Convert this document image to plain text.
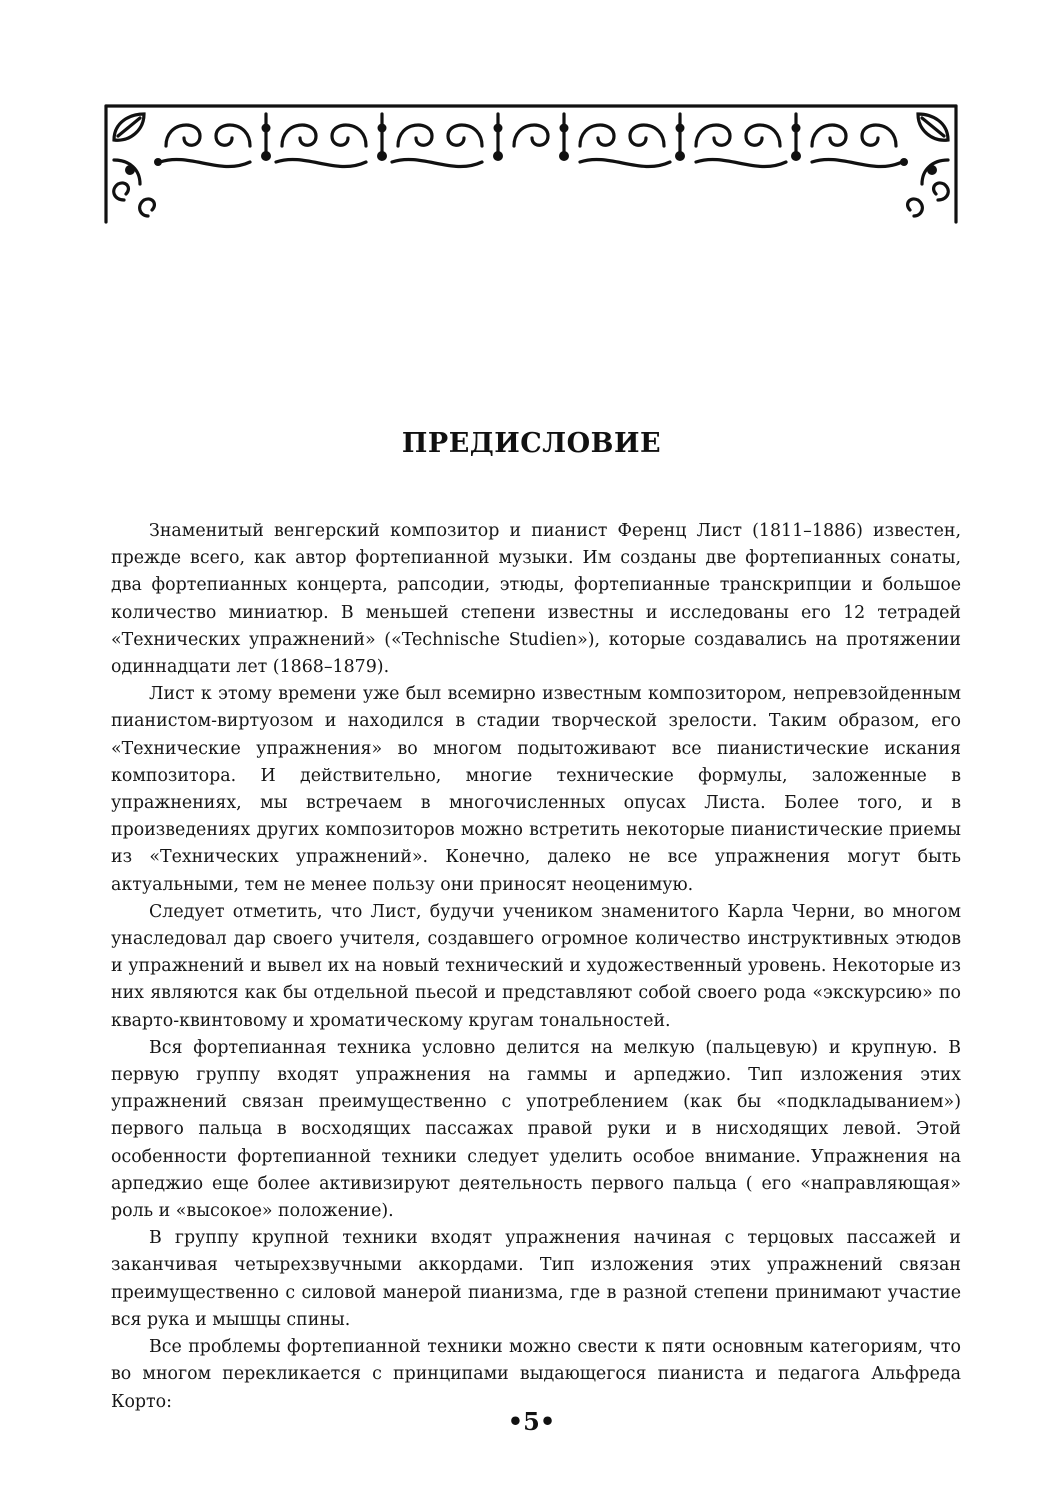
ПРЕДИСЛОВИЕ

Знаменитый венгерский композитор и пианист Ференц Лист (1811–1886) известен, прежде всего, как автор фортепианной музыки. Им созданы две фортепианных сонаты, два фортепианных концерта, рапсодии, этюды, фортепианные транскрипции и большое количество миниатюр. В меньшей степени известны и исследованы его 12 тетрадей «Технических упражнений» («Technische Studien»), которые создавались на протяжении одиннадцати лет (1868–1879).

Лист к этому времени уже был всемирно известным композитором, непревзойденным пианистом-виртуозом и находился в стадии творческой зрелости. Таким образом, его «Технические упражнения» во многом подытоживают все пианистические искания композитора. И действительно, многие технические формулы, заложенные в упражнениях, мы встречаем в многочисленных опусах Листа. Более того, и в произведениях других композиторов можно встретить некоторые пианистические приемы из «Технических упражнений». Конечно, далеко не все упражнения могут быть актуальными, тем не менее пользу они приносят неоценимую.

Следует отметить, что Лист, будучи учеником знаменитого Карла Черни, во многом унаследовал дар своего учителя, создавшего огромное количество инструктивных этюдов и упражнений и вывел их на новый технический и художественный уровень. Некоторые из них являются как бы отдельной пьесой и представляют собой своего рода «экскурсию» по кварто-квинтовому и хроматическому кругам тональностей.

Вся фортепианная техника условно делится на мелкую (пальцевую) и крупную. В первую группу входят упражнения на гаммы и арпеджио. Тип изложения этих упражнений связан преимущественно с употреблением (как бы «подкладыванием») первого пальца в восходящих пассажах правой руки и в нисходящих левой. Этой особенности фортепианной техники следует уделить особое внимание. Упражнения на арпеджио еще более активизируют деятельность первого пальца ( его «направляющая» роль и «высокое» положение).

В группу крупной техники входят упражнения начиная с терцовых пассажей и заканчивая четырехзвучными аккордами. Тип изложения этих упражнений связан преимущественно с силовой манерой пианизма, где в разной степени принимают участие вся рука и мышцы спины.

Все проблемы фортепианной техники можно свести к пяти основным категориям, что во многом перекликается с принципами выдающегося пианиста и педагога Альфреда Корто:

•5•
